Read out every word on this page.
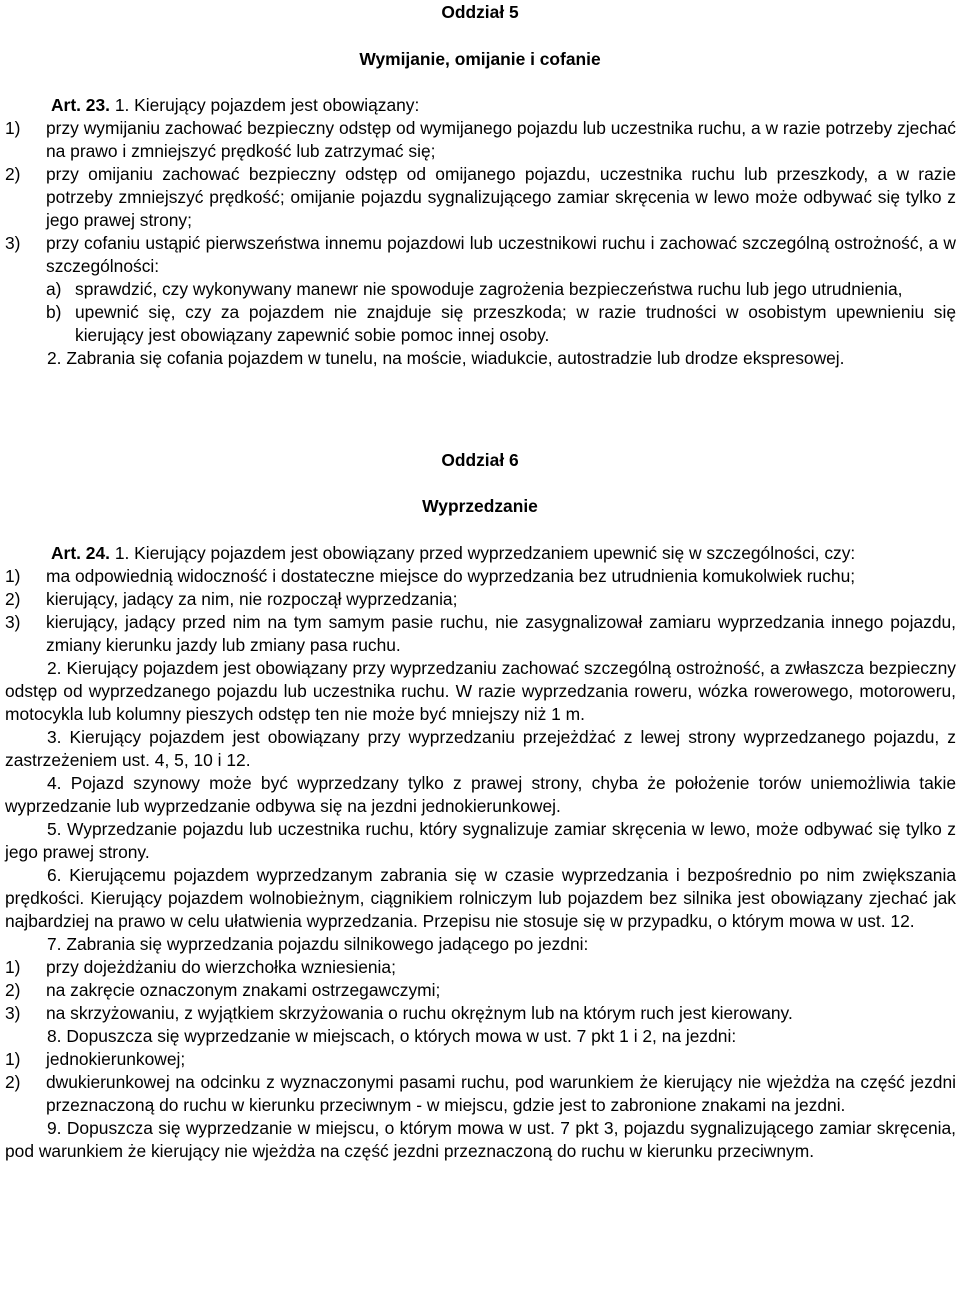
Oddział 5

Wymijanie, omijanie i cofanie

Art. 23. 1. Kierujący pojazdem jest obowiązany:

1) przy wymijaniu zachować bezpieczny odstęp od wymijanego pojazdu lub uczestnika ruchu, a w razie potrzeby zjechać na prawo i zmniejszyć prędkość lub zatrzymać się;

2) przy omijaniu zachować bezpieczny odstęp od omijanego pojazdu, uczestnika ruchu lub przeszkody, a w razie potrzeby zmniejszyć prędkość; omijanie pojazdu sygnalizującego zamiar skręcenia w lewo może odbywać się tylko z jego prawej strony;

3) przy cofaniu ustąpić pierwszeństwa innemu pojazdowi lub uczestnikowi ruchu i zachować szczególną ostrożność, a w szczególności:

a) sprawdzić, czy wykonywany manewr nie spowoduje zagrożenia bezpieczeństwa ruchu lub jego utrudnienia,

b) upewnić się, czy za pojazdem nie znajduje się przeszkoda; w razie trudności w osobistym upewnieniu się kierujący jest obowiązany zapewnić sobie pomoc innej osoby.

2. Zabrania się cofania pojazdem w tunelu, na moście, wiadukcie, autostradzie lub drodze ekspresowej.

Oddział 6

Wyprzedzanie

Art. 24. 1. Kierujący pojazdem jest obowiązany przed wyprzedzaniem upewnić się w szczególności, czy:

1) ma odpowiednią widoczność i dostateczne miejsce do wyprzedzania bez utrudnienia komukolwiek ruchu;

2) kierujący, jadący za nim, nie rozpoczął wyprzedzania;

3) kierujący, jadący przed nim na tym samym pasie ruchu, nie zasygnalizował zamiaru wyprzedzania innego pojazdu, zmiany kierunku jazdy lub zmiany pasa ruchu.

2. Kierujący pojazdem jest obowiązany przy wyprzedzaniu zachować szczególną ostrożność, a zwłaszcza bezpieczny odstęp od wyprzedzanego pojazdu lub uczestnika ruchu. W razie wyprzedzania roweru, wózka rowerowego, motoroweru, motocykla lub kolumny pieszych odstęp ten nie może być mniejszy niż 1 m.

3. Kierujący pojazdem jest obowiązany przy wyprzedzaniu przejeżdżać z lewej strony wyprzedzanego pojazdu, z zastrzeżeniem ust. 4, 5, 10 i 12.

4. Pojazd szynowy może być wyprzedzany tylko z prawej strony, chyba że położenie torów uniemożliwia takie wyprzedzanie lub wyprzedzanie odbywa się na jezdni jednokierunkowej.

5. Wyprzedzanie pojazdu lub uczestnika ruchu, który sygnalizuje zamiar skręcenia w lewo, może odbywać się tylko z jego prawej strony.

6. Kierującemu pojazdem wyprzedzanym zabrania się w czasie wyprzedzania i bezpośrednio po nim zwiększania prędkości. Kierujący pojazdem wolnobieżnym, ciągnikiem rolniczym lub pojazdem bez silnika jest obowiązany zjechać jak najbardziej na prawo w celu ułatwienia wyprzedzania. Przepisu nie stosuje się w przypadku, o którym mowa w ust. 12.

7. Zabrania się wyprzedzania pojazdu silnikowego jadącego po jezdni:

1) przy dojeżdżaniu do wierzchołka wzniesienia;

2) na zakręcie oznaczonym znakami ostrzegawczymi;

3) na skrzyżowaniu, z wyjątkiem skrzyżowania o ruchu okrężnym lub na którym ruch jest kierowany.

8. Dopuszcza się wyprzedzanie w miejscach, o których mowa w ust. 7 pkt 1 i 2, na jezdni:

1) jednokierunkowej;

2) dwukierunkowej na odcinku z wyznaczonymi pasami ruchu, pod warunkiem że kierujący nie wjeżdża na część jezdni przeznaczoną do ruchu w kierunku przeciwnym - w miejscu, gdzie jest to zabronione znakami na jezdni.

9. Dopuszcza się wyprzedzanie w miejscu, o którym mowa w ust. 7 pkt 3, pojazdu sygnalizującego zamiar skręcenia, pod warunkiem że kierujący nie wjeżdża na część jezdni przeznaczoną do ruchu w kierunku przeciwnym.
